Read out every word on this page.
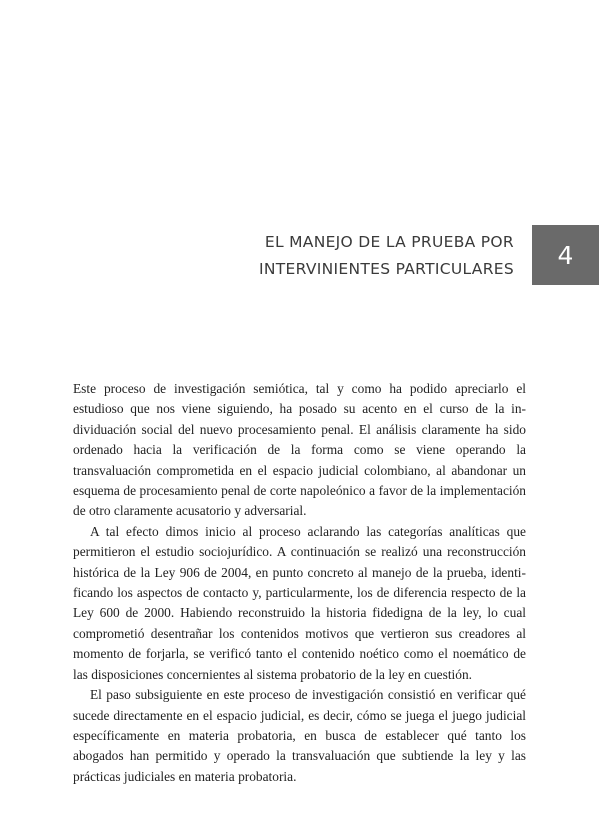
EL MANEJO DE LA PRUEBA POR
INTERVINIENTES PARTICULARES 4

Este proceso de investigación semiótica, tal y como ha podido apreciarlo el estudioso que nos viene siguiendo, ha posado su acento en el curso de la individuación social del nuevo procesamiento penal. El análisis claramente ha sido ordenado hacia la verificación de la forma como se viene operando la transvaluación comprometida en el espacio judicial colombiano, al abandonar un esquema de procesamiento penal de corte napoleónico a favor de la implementación de otro claramente acusatorio y adversarial.

A tal efecto dimos inicio al proceso aclarando las categorías analíticas que permitieron el estudio sociojurídico. A continuación se realizó una reconstrucción histórica de la Ley 906 de 2004, en punto concreto al manejo de la prueba, identificando los aspectos de contacto y, particularmente, los de diferencia respecto de la Ley 600 de 2000. Habiendo reconstruido la historia fidedigna de la ley, lo cual comprometió desentrañar los contenidos motivos que vertieron sus creadores al momento de forjarla, se verificó tanto el contenido noético como el noemático de las disposiciones concernientes al sistema probatorio de la ley en cuestión.

El paso subsiguiente en este proceso de investigación consistió en verificar qué sucede directamente en el espacio judicial, es decir, cómo se juega el juego judicial específicamente en materia probatoria, en busca de establecer qué tanto los abogados han permitido y operado la transvaluación que subtiende la ley y las prácticas judiciales en materia probatoria.
